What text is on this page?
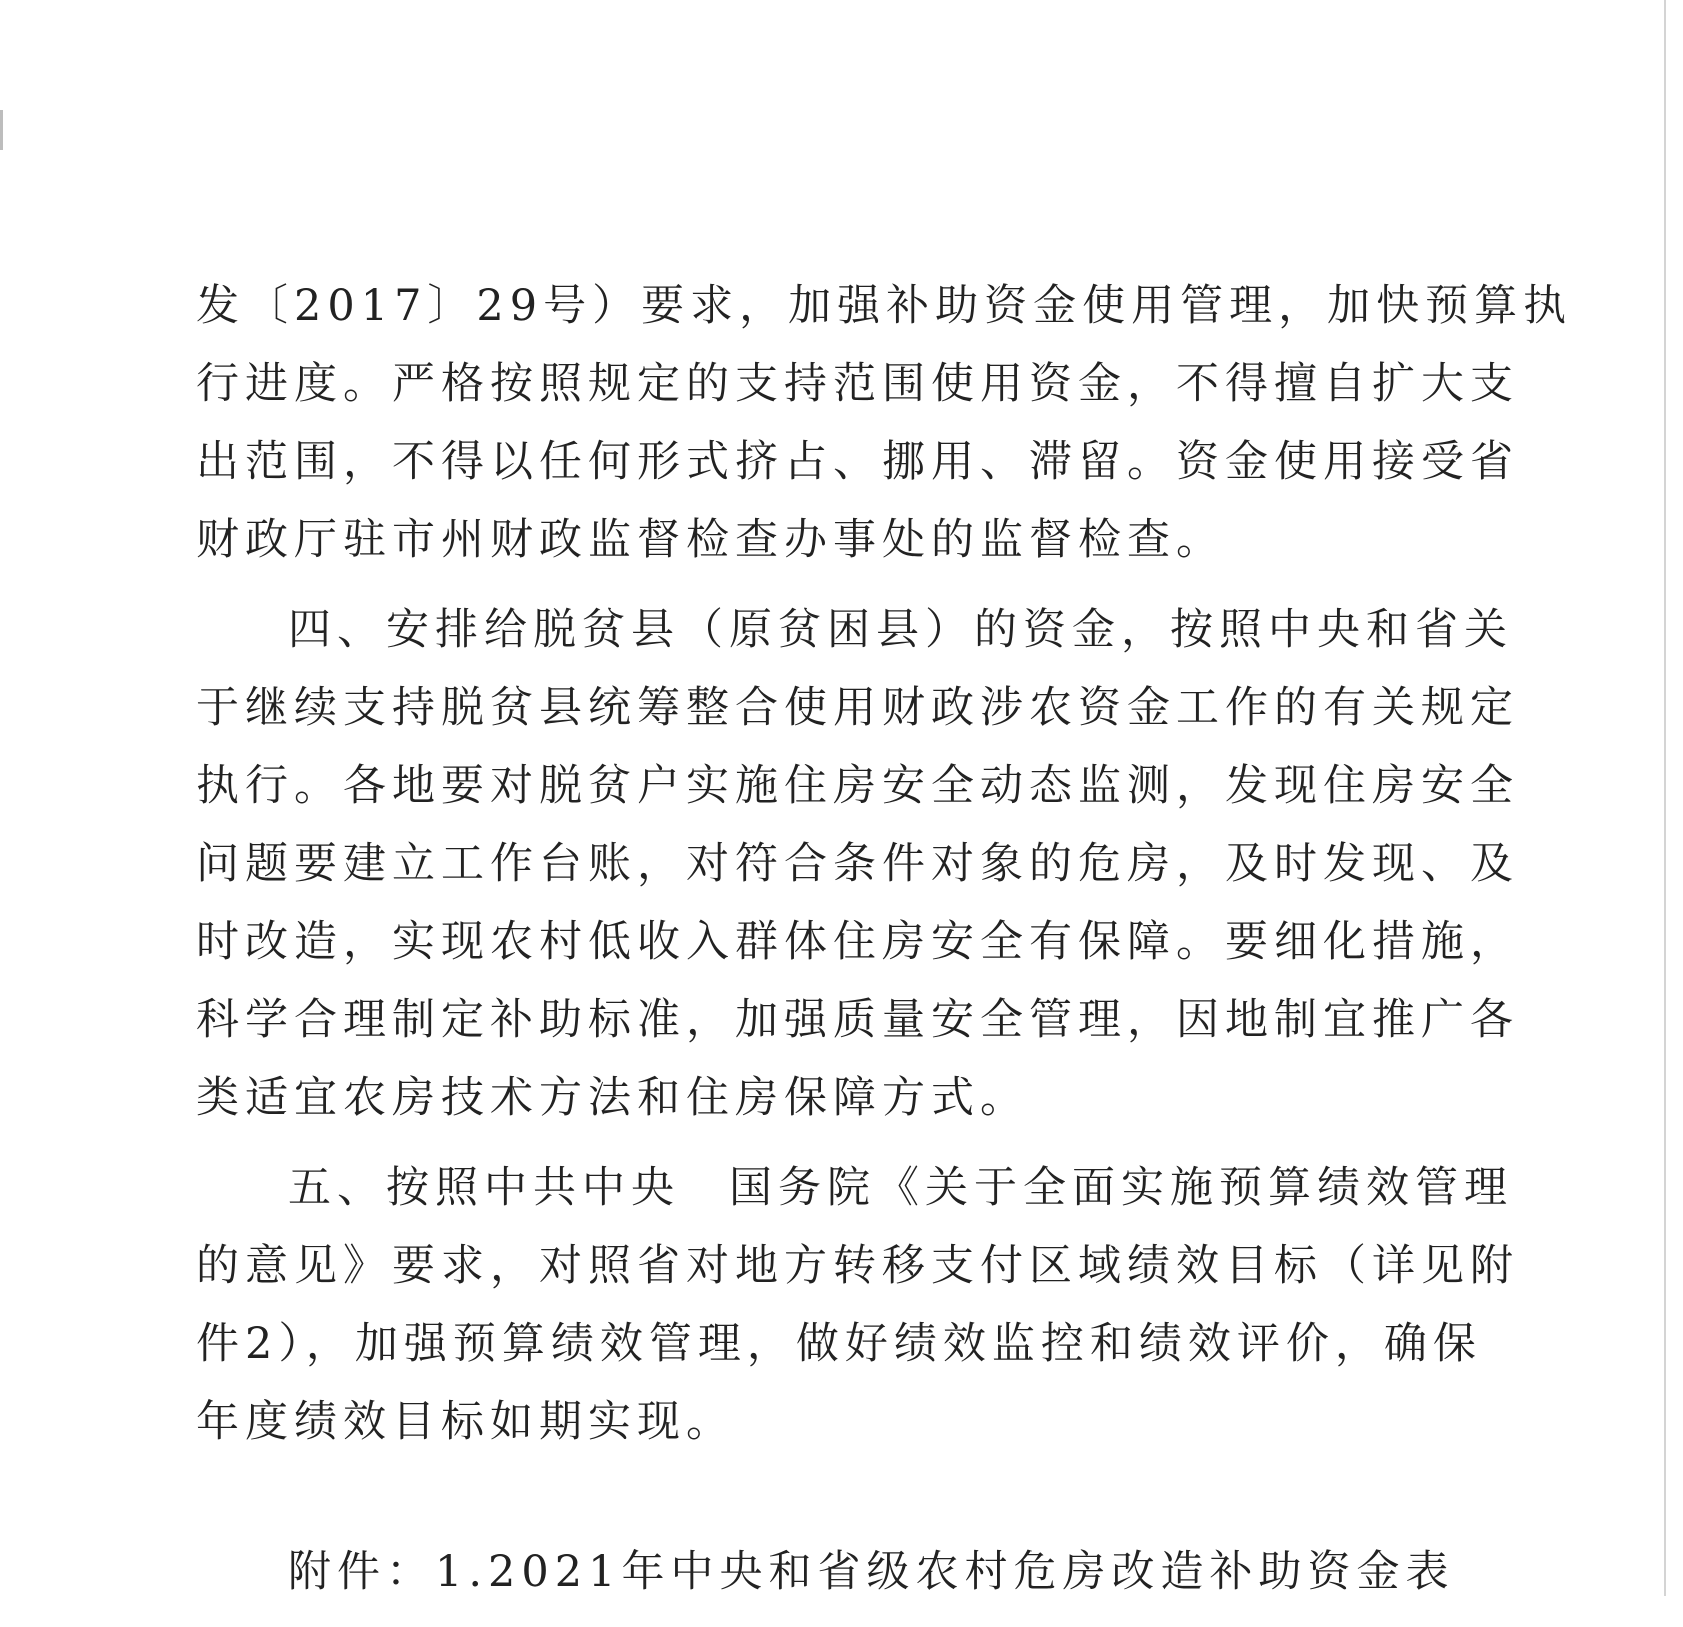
发〔2017〕29号）要求，加强补助资金使用管理，加快预算执
行进度。严格按照规定的支持范围使用资金，不得擅自扩大支
出范围，不得以任何形式挤占、挪用、滞留。资金使用接受省
财政厅驻市州财政监督检查办事处的监督检查。
四、安排给脱贫县（原贫困县）的资金，按照中央和省关
于继续支持脱贫县统筹整合使用财政涉农资金工作的有关规定
执行。各地要对脱贫户实施住房安全动态监测，发现住房安全
问题要建立工作台账，对符合条件对象的危房，及时发现、及
时改造，实现农村低收入群体住房安全有保障。要细化措施，
科学合理制定补助标准，加强质量安全管理，因地制宜推广各
类适宜农房技术方法和住房保障方式。
五、按照中共中央　国务院《关于全面实施预算绩效管理
的意见》要求，对照省对地方转移支付区域绩效目标（详见附
件2），加强预算绩效管理，做好绩效监控和绩效评价，确保
年度绩效目标如期实现。
附件：1.2021年中央和省级农村危房改造补助资金表
